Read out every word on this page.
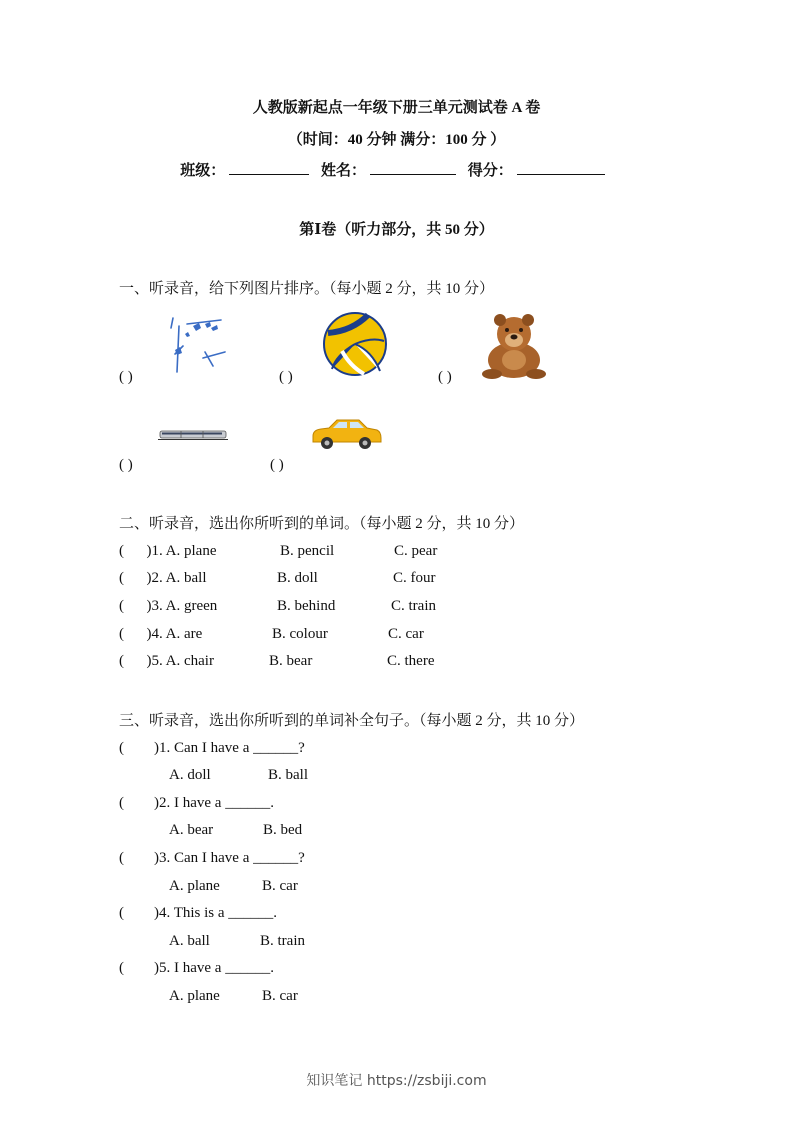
人教版新起点一年级下册三单元测试卷 A 卷
（时间：40 分钟 满分：100 分 ）
班级：	姓名：	得分：
第Ⅰ卷（听力部分，共 50 分）
一、听录音，给下列图片排序。（每小题 2 分，共 10 分）
( )	( )	( )
( )	( )
二、听录音，选出你所听到的单词。（每小题 2 分，共 10 分）
(      )1. A. plane	B. pencil	C. pear
(      )2. A. ball	B. doll	C. four
(      )3. A. green	B. behind	C. train
(      )4. A. are	B. colour	C. car
(      )5. A. chair	B. bear	C. there
三、听录音，选出你所听到的单词补全句子。（每小题 2 分，共 10 分）
(        )1. Can I have a ______?
A. doll	B. ball
(        )2. I have a ______.
A. bear	B. bed
(        )3. Can I have a ______?
A. plane	B. car
(        )4. This is a ______.
A. ball	B. train
(        )5. I have a ______.
A. plane	B. car
知识笔记 https://zsbiji.com
